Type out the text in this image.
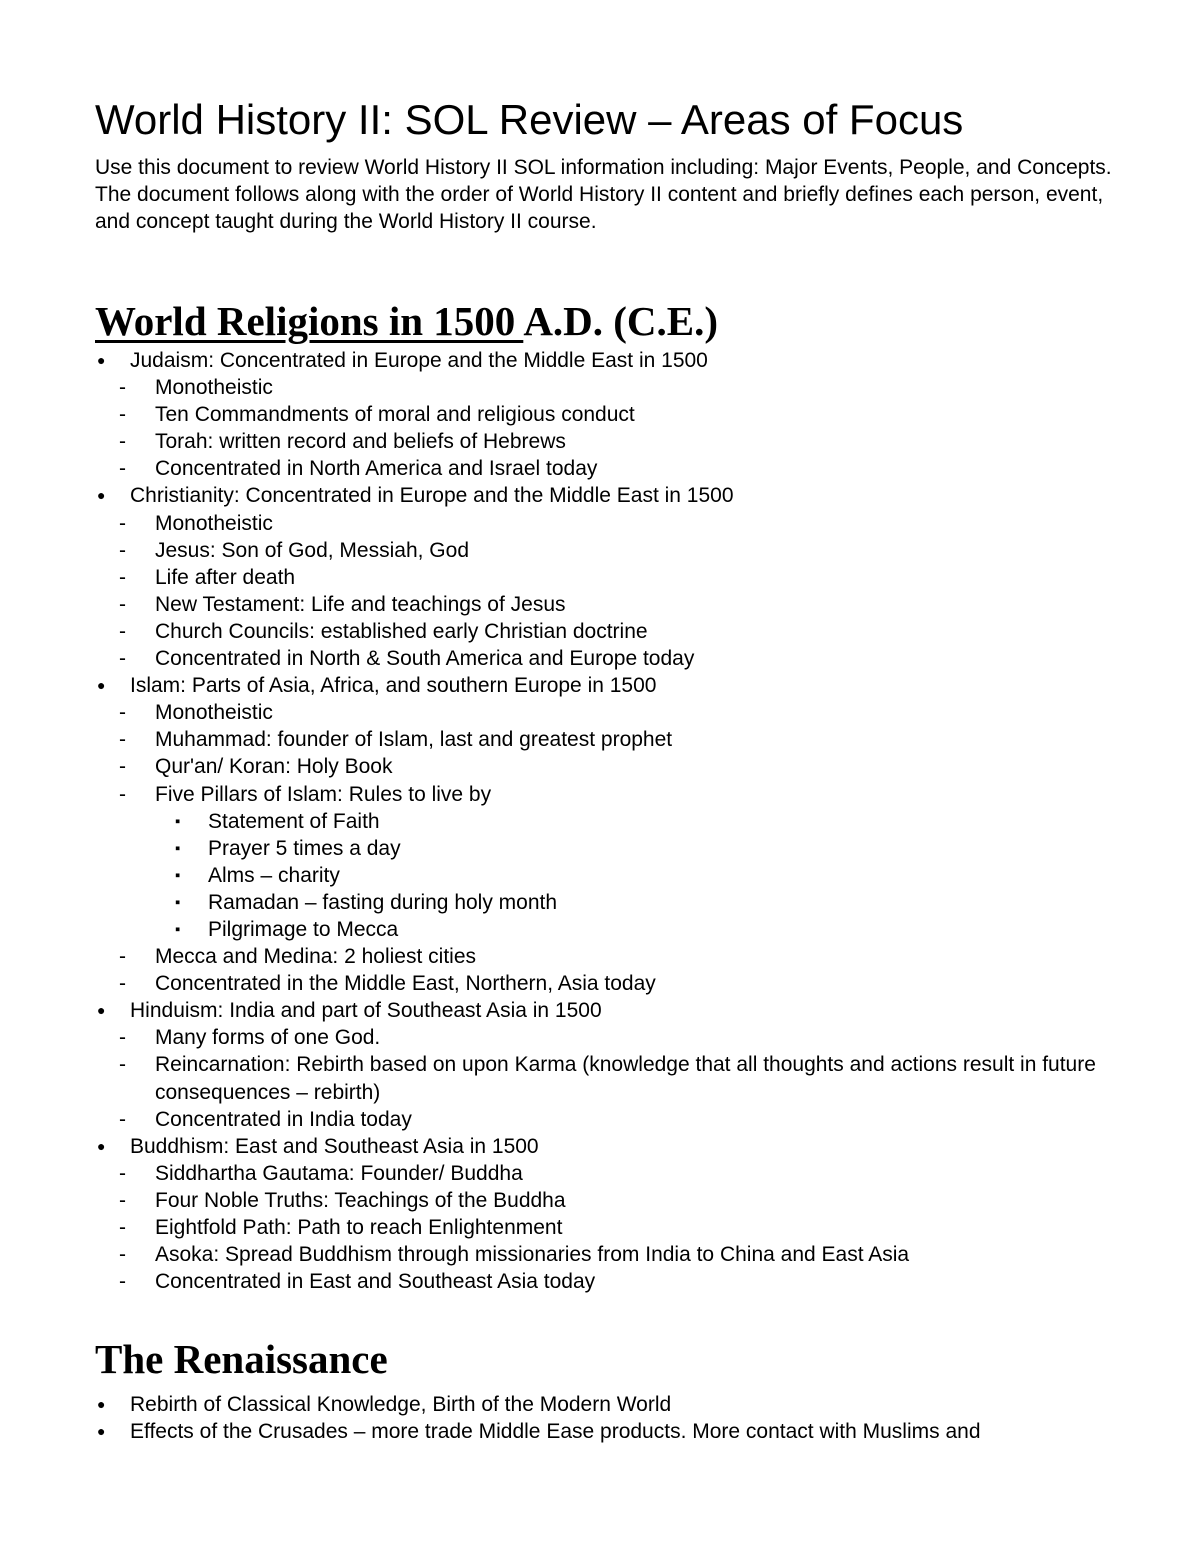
World History II: SOL Review – Areas of Focus

Use this document to review World History II SOL information including: Major Events, People, and Concepts. The document follows along with the order of World History II content and briefly defines each person, event, and concept taught during the World History II course.

World Religions in 1500 A.D. (C.E.)
● Judaism: Concentrated in Europe and the Middle East in 1500
- Monotheistic
- Ten Commandments of moral and religious conduct
- Torah: written record and beliefs of Hebrews
- Concentrated in North America and Israel today
● Christianity: Concentrated in Europe and the Middle East in 1500
- Monotheistic
- Jesus: Son of God, Messiah, God
- Life after death
- New Testament: Life and teachings of Jesus
- Church Councils: established early Christian doctrine
- Concentrated in North & South America and Europe today
● Islam: Parts of Asia, Africa, and southern Europe in 1500
- Monotheistic
- Muhammad: founder of Islam, last and greatest prophet
- Qur'an/ Koran: Holy Book
- Five Pillars of Islam: Rules to live by
▪ Statement of Faith
▪ Prayer 5 times a day
▪ Alms – charity
▪ Ramadan – fasting during holy month
▪ Pilgrimage to Mecca
- Mecca and Medina: 2 holiest cities
- Concentrated in the Middle East, Northern, Asia today
● Hinduism: India and part of Southeast Asia in 1500
- Many forms of one God.
- Reincarnation: Rebirth based on upon Karma (knowledge that all thoughts and actions result in future consequences – rebirth)
- Concentrated in India today
● Buddhism: East and Southeast Asia in 1500
- Siddhartha Gautama: Founder/ Buddha
- Four Noble Truths: Teachings of the Buddha
- Eightfold Path: Path to reach Enlightenment
- Asoka: Spread Buddhism through missionaries from India to China and East Asia
- Concentrated in East and Southeast Asia today
The Renaissance
● Rebirth of Classical Knowledge, Birth of the Modern World
● Effects of the Crusades – more trade Middle Ease products. More contact with Muslims and
